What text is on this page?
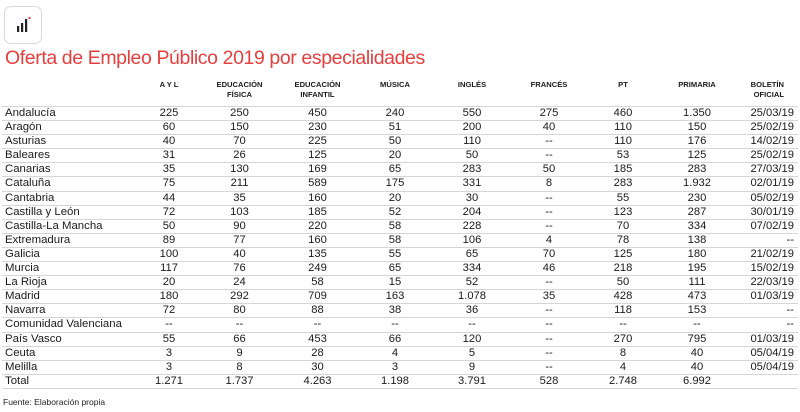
Oferta de Empleo Público 2019 por especialidades
	A Y L	EDUCACIÓN
FÍSICA	EDUCACIÓN
INFANTIL	MÚSICA	INGLÉS	FRANCÉS	PT	PRIMARIA	BOLETÍN
OFICIAL
Andalucía	225	250	450	240	550	275	460	1.350	25/03/19
Aragón	60	150	230	51	200	40	110	150	25/02/19
Asturias	40	70	225	50	110	--	110	176	14/02/19
Baleares	31	26	125	20	50	--	53	125	25/02/19
Canarias	35	130	169	65	283	50	185	283	27/03/19
Cataluña	75	211	589	175	331	8	283	1.932	02/01/19
Cantabria	44	35	160	20	30	--	55	230	05/02/19
Castilla y León	72	103	185	52	204	--	123	287	30/01/19
Castilla-La Mancha	50	90	220	58	228	--	70	334	07/02/19
Extremadura	89	77	160	58	106	4	78	138	--
Galicia	100	40	135	55	65	70	125	180	21/02/19
Murcia	117	76	249	65	334	46	218	195	15/02/19
La Rioja	20	24	58	15	52	--	50	111	22/03/19
Madrid	180	292	709	163	1.078	35	428	473	01/03/19
Navarra	72	80	88	38	36	--	118	153	--
Comunidad Valenciana	--	--	--	--	--	--	--	--	--
País Vasco	55	66	453	66	120	--	270	795	01/03/19
Ceuta	3	9	28	4	5	--	8	40	05/04/19
Melilla	3	8	30	3	9	--	4	40	05/04/19
Total	1.271	1.737	4.263	1.198	3.791	528	2.748	6.992	

Fuente: Elaboración propia
